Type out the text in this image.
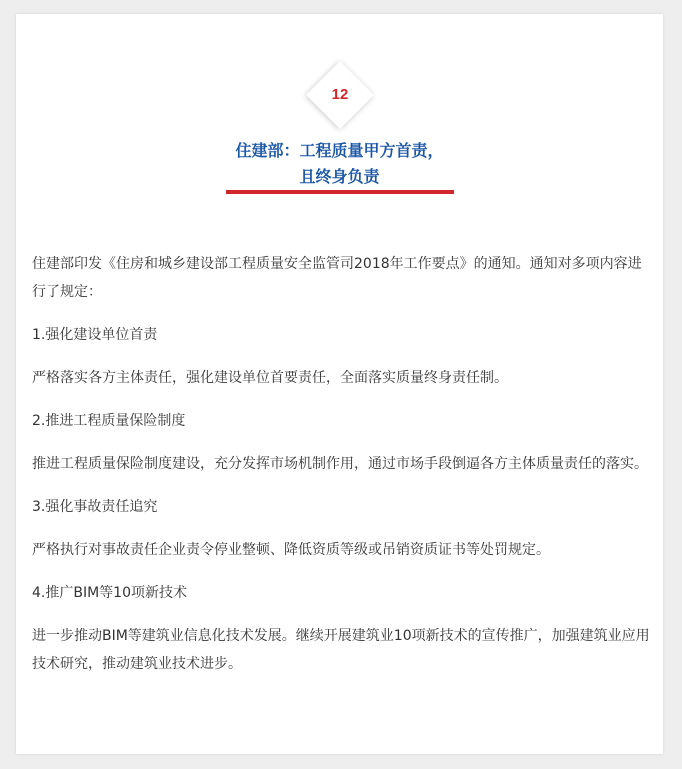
12
住建部：工程质量甲方首责，
且终身负责

住建部印发《住房和城乡建设部工程质量安全监管司2018年工作要点》的通知。通知对多项内容进行了规定：

1.强化建设单位首责

严格落实各方主体责任，强化建设单位首要责任，全面落实质量终身责任制。

2.推进工程质量保险制度

推进工程质量保险制度建设，充分发挥市场机制作用，通过市场手段倒逼各方主体质量责任的落实。

3.强化事故责任追究

严格执行对事故责任企业责令停业整顿、降低资质等级或吊销资质证书等处罚规定。

4.推广BIM等10项新技术

进一步推动BIM等建筑业信息化技术发展。继续开展建筑业10项新技术的宣传推广，加强建筑业应用技术研究，推动建筑业技术进步。
